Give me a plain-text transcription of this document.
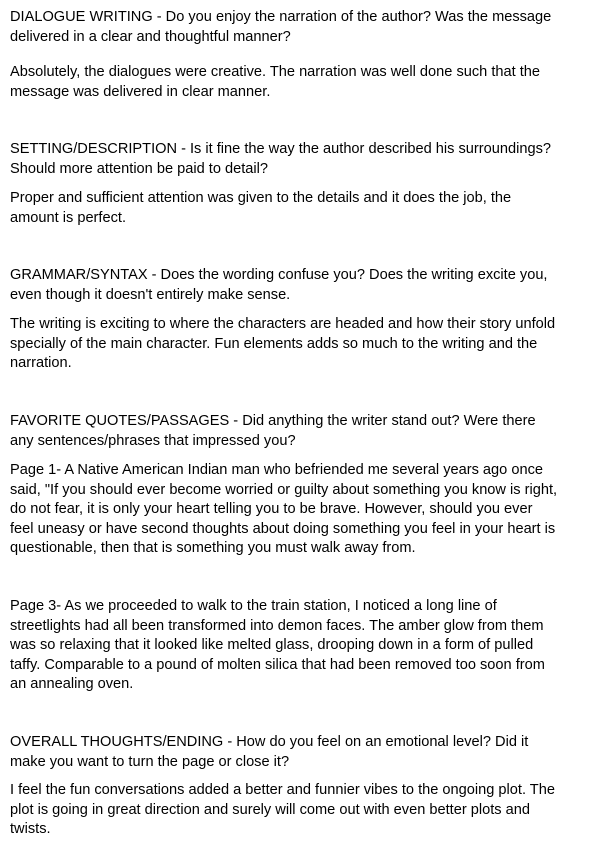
DIALOGUE WRITING - Do you enjoy the narration of the author? Was the message
delivered in a clear and thoughtful manner?

Absolutely, the dialogues were creative. The narration was well done such that the
message was delivered in clear manner.

SETTING/DESCRIPTION - Is it fine the way the author described his surroundings?
Should more attention be paid to detail?

Proper and sufficient attention was given to the details and it does the job, the
amount is perfect.

GRAMMAR/SYNTAX - Does the wording confuse you? Does the writing excite you,
even though it doesn't entirely make sense.

The writing is exciting to where the characters are headed and how their story unfold
specially of the main character. Fun elements adds so much to the writing and the
narration.

FAVORITE QUOTES/PASSAGES - Did anything the writer stand out? Were there
any sentences/phrases that impressed you?

Page 1- A Native American Indian man who befriended me several years ago once
said, "If you should ever become worried or guilty about something you know is right,
do not fear, it is only your heart telling you to be brave. However, should you ever
feel uneasy or have second thoughts about doing something you feel in your heart is
questionable, then that is something you must walk away from.

Page 3- As we proceeded to walk to the train station, I noticed a long line of
streetlights had all been transformed into demon faces. The amber glow from them
was so relaxing that it looked like melted glass, drooping down in a form of pulled
taffy. Comparable to a pound of molten silica that had been removed too soon from
an annealing oven.

OVERALL THOUGHTS/ENDING - How do you feel on an emotional level? Did it
make you want to turn the page or close it?

I feel the fun conversations added a better and funnier vibes to the ongoing plot. The
plot is going in great direction and surely will come out with even better plots and
twists.
